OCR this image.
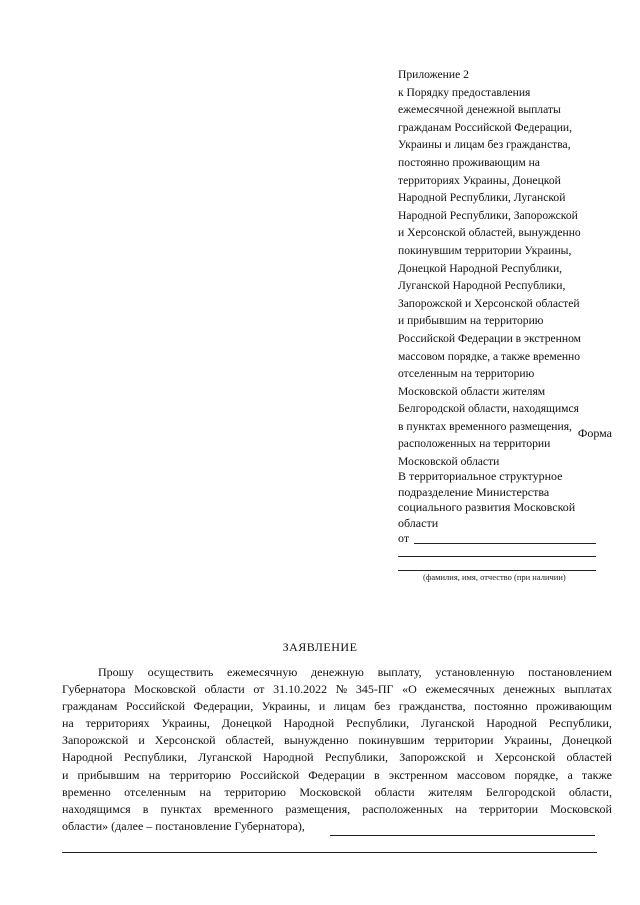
Приложение 2
к Порядку предоставления
ежемесячной денежной выплаты
гражданам Российской Федерации,
Украины и лицам без гражданства,
постоянно проживающим на
территориях Украины, Донецкой
Народной Республики, Луганской
Народной Республики, Запорожской
и Херсонской областей, вынужденно
покинувшим территории Украины,
Донецкой Народной Республики,
Луганской Народной Республики,
Запорожской и Херсонской областей
и прибывшим на территорию
Российской Федерации в экстренном
массовом порядке, а также временно
отселенным на территорию
Московской области жителям
Белгородской области, находящимся
в пунктах временного размещения,
расположенных на территории
Московской области
Форма
В территориальное структурное
подразделение Министерства
социального развития Московской
области
от
(фамилия, имя, отчество (при наличии)
ЗАЯВЛЕНИЕ
Прошу осуществить ежемесячную денежную выплату, установленную постановлением
Губернатора Московской области от 31.10.2022 № 345-ПГ «О ежемесячных денежных выплатах
гражданам Российской Федерации, Украины, и лицам без гражданства, постоянно проживающим
на территориях Украины, Донецкой Народной Республики, Луганской Народной Республики,
Запорожской и Херсонской областей, вынужденно покинувшим территории Украины, Донецкой
Народной Республики, Луганской Народной Республики, Запорожской и Херсонской областей
и прибывшим на территорию Российской Федерации в экстренном массовом порядке, а также
временно отселенным на территорию Московской области жителям Белгородской области,
находящимся в пунктах временного размещения, расположенных на территории Московской
области» (далее – постановление Губернатора),
